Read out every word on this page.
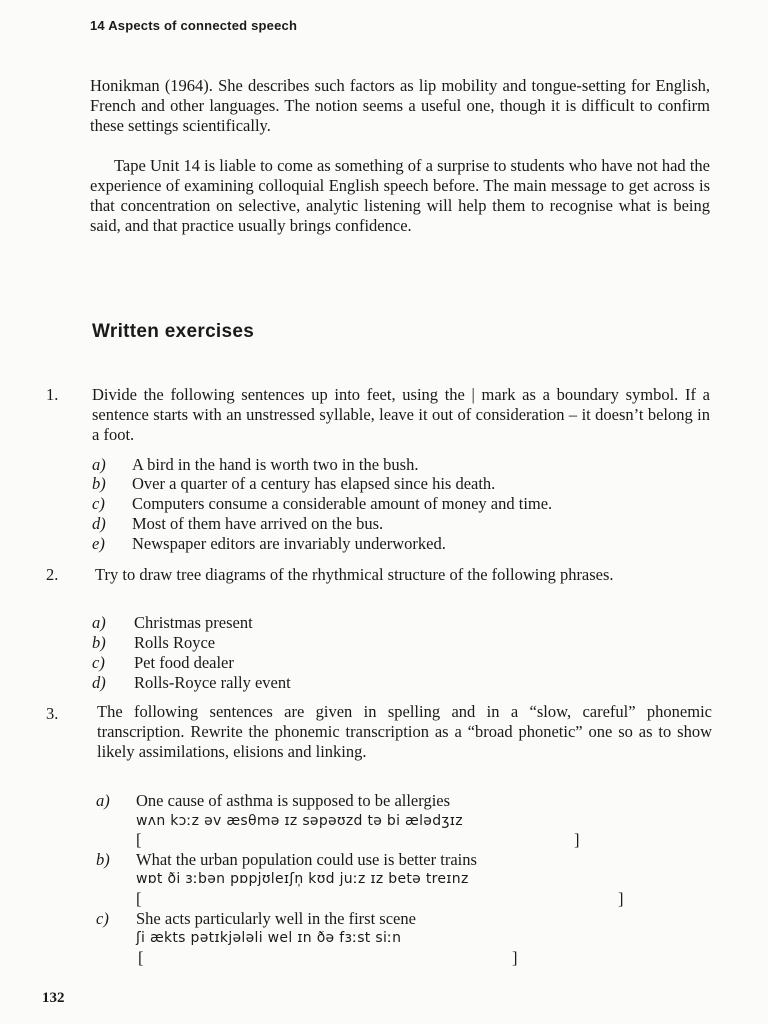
14 Aspects of connected speech
Honikman (1964). She describes such factors as lip mobility and tongue-setting for English, French and other languages. The notion seems a useful one, though it is difficult to confirm these settings scientifically.
Tape Unit 14 is liable to come as something of a surprise to students who have not had the experience of examining colloquial English speech before. The main message to get across is that concentration on selective, analytic listening will help them to recognise what is being said, and that practice usually brings confidence.
Written exercises
1. Divide the following sentences up into feet, using the | mark as a boundary symbol. If a sentence starts with an unstressed syllable, leave it out of consideration – it doesn’t belong in a foot.
a) A bird in the hand is worth two in the bush.
b) Over a quarter of a century has elapsed since his death.
c) Computers consume a considerable amount of money and time.
d) Most of them have arrived on the bus.
e) Newspaper editors are invariably underworked.
2. Try to draw tree diagrams of the rhythmical structure of the following phrases.
a) Christmas present
b) Rolls Royce
c) Pet food dealer
d) Rolls-Royce rally event
3. The following sentences are given in spelling and in a “slow, careful” phonemic transcription. Rewrite the phonemic transcription as a “broad phonetic” one so as to show likely assimilations, elisions and linking.
a) One cause of asthma is supposed to be allergies
wʌn kɔːz əv æsθmə ɪz səpəʊzd tə bi ælədʒɪz
[	]
b) What the urban population could use is better trains
wɒt ði ɜːbən pɒpjʊleɪʃn̩ kʊd juːz ɪz betə treɪnz
[	]
c) She acts particularly well in the first scene
ʃi ækts pətɪkjələli wel ɪn ðə fɜːst siːn
[	]
132
